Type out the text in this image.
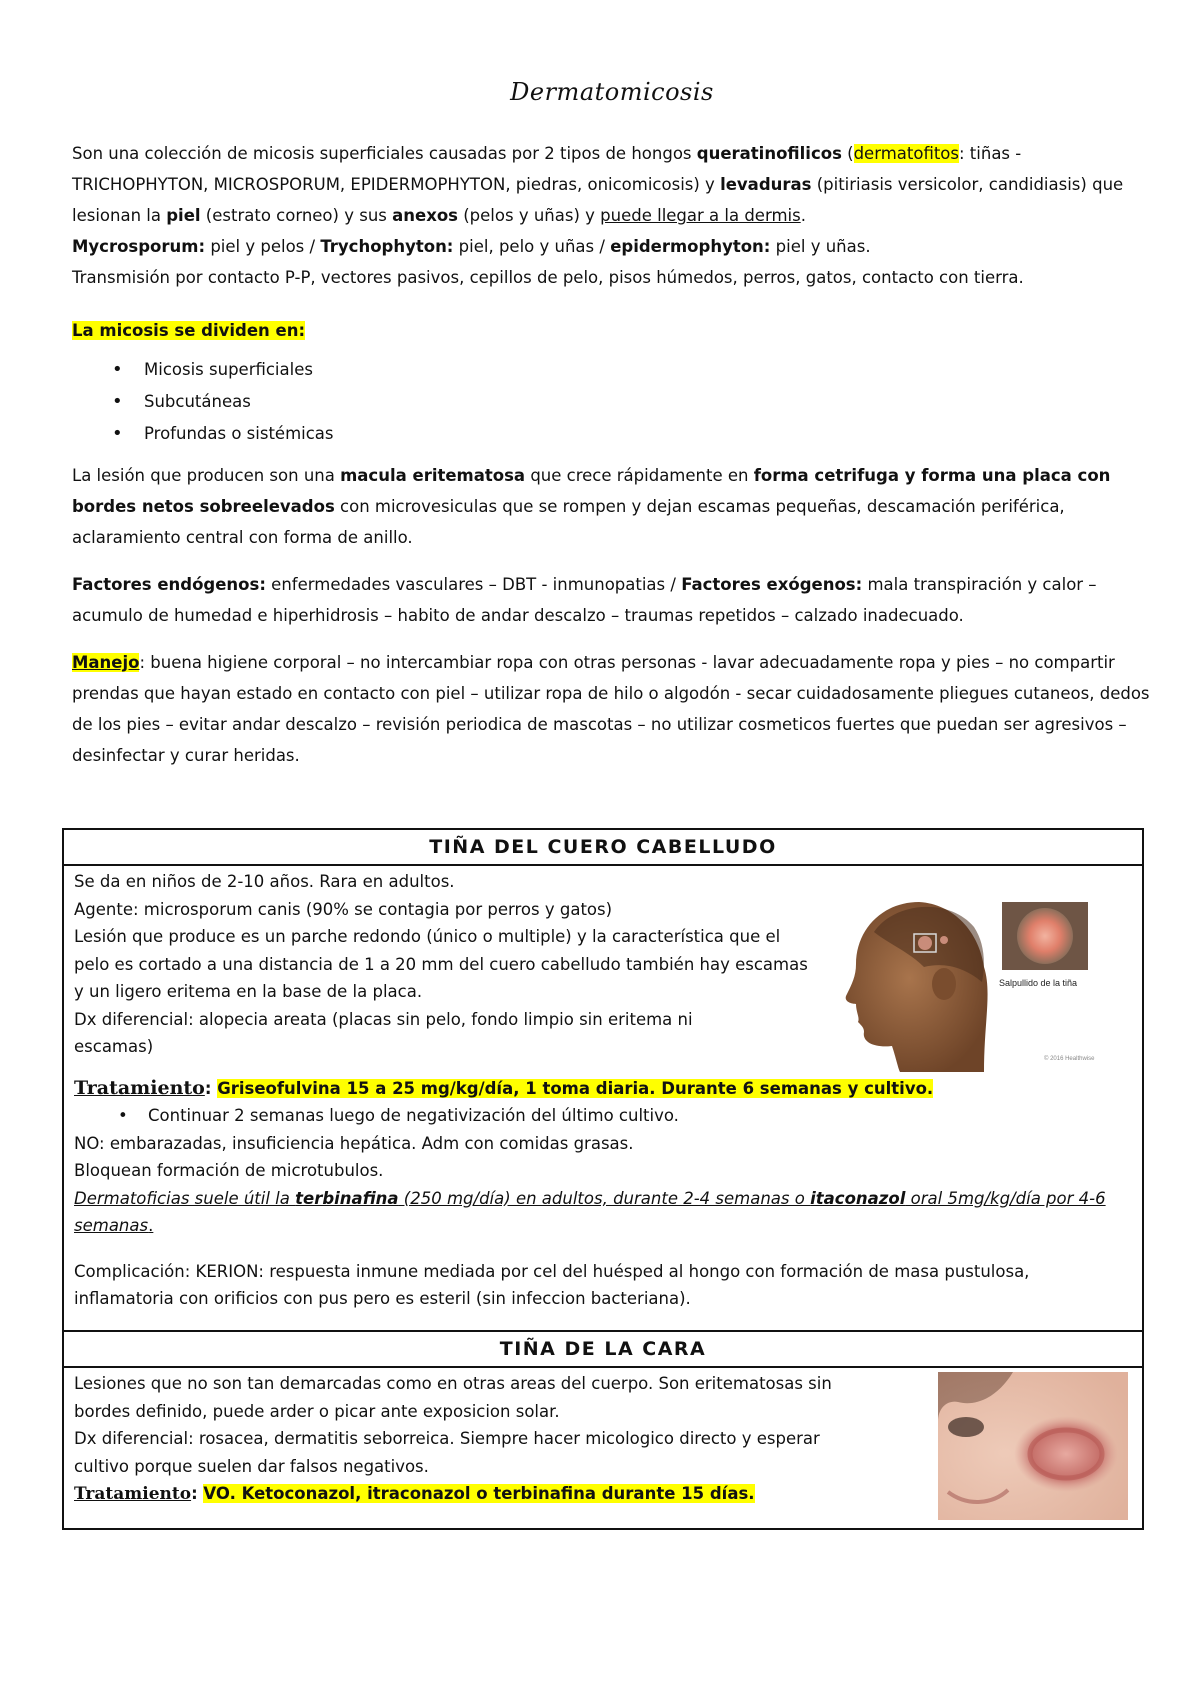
Dermatomicosis

Son una colección de micosis superficiales causadas por 2 tipos de hongos queratinofilicos (dermatofitos: tiñas - TRICHOPHYTON, MICROSPORUM, EPIDERMOPHYTON, piedras, onicomicosis) y levaduras (pitiriasis versicolor, candidiasis) que lesionan la piel (estrato corneo) y sus anexos (pelos y uñas) y puede llegar a la dermis.

Mycrosporum: piel y pelos / Trychophyton: piel, pelo y uñas / epidermophyton: piel y uñas.

Transmisión por contacto P-P, vectores pasivos, cepillos de pelo, pisos húmedos, perros, gatos, contacto con tierra.

La micosis se dividen en:

• Micosis superficiales
• Subcutáneas
• Profundas o sistémicas

La lesión que producen son una macula eritematosa que crece rápidamente en forma cetrifuga y forma una placa con bordes netos sobreelevados con microvesiculas que se rompen y dejan escamas pequeñas, descamación periférica, aclaramiento central con forma de anillo.

Factores endógenos: enfermedades vasculares – DBT - inmunopatias / Factores exógenos: mala transpiración y calor – acumulo de humedad e hiperhidrosis – habito de andar descalzo – traumas repetidos – calzado inadecuado.

Manejo: buena higiene corporal – no intercambiar ropa con otras personas - lavar adecuadamente ropa y pies – no compartir prendas que hayan estado en contacto con piel – utilizar ropa de hilo o algodón - secar cuidadosamente pliegues cutaneos, dedos de los pies – evitar andar descalzo – revisión periodica de mascotas – no utilizar cosmeticos fuertes que puedan ser agresivos – desinfectar y curar heridas.

TIÑA DEL CUERO CABELLUDO
Salpullido de la tiña
© 2016 Healthwise
Se da en niños de 2-10 años. Rara en adultos.
Agente: microsporum canis (90% se contagia por perros y gatos)
Lesión que produce es un parche redondo (único o multiple) y la característica que el pelo es cortado a una distancia de 1 a 20 mm del cuero cabelludo también hay escamas y un ligero eritema en la base de la placa.
Dx diferencial: alopecia areata (placas sin pelo, fondo limpio sin eritema ni escamas)
Tratamiento: Griseofulvina 15 a 25 mg/kg/día, 1 toma diaria. Durante 6 semanas y cultivo.
• Continuar 2 semanas luego de negativización del último cultivo.
NO: embarazadas, insuficiencia hepática. Adm con comidas grasas.
Bloquean formación de microtubulos.
Dermatoficias suele útil la terbinafina (250 mg/día) en adultos, durante 2-4 semanas o itaconazol oral 5mg/kg/día por 4-6 semanas.
Complicación: KERION: respuesta inmune mediada por cel del huésped al hongo con formación de masa pustulosa, inflamatoria con orificios con pus pero es esteril (sin infeccion bacteriana).
TIÑA DE LA CARA
Lesiones que no son tan demarcadas como en otras areas del cuerpo. Son eritematosas sin bordes definido, puede arder o picar ante exposicion solar.
Dx diferencial: rosacea, dermatitis seborreica. Siempre hacer micologico directo y esperar cultivo porque suelen dar falsos negativos.
Tratamiento: VO. Ketoconazol, itraconazol o terbinafina durante 15 días.
